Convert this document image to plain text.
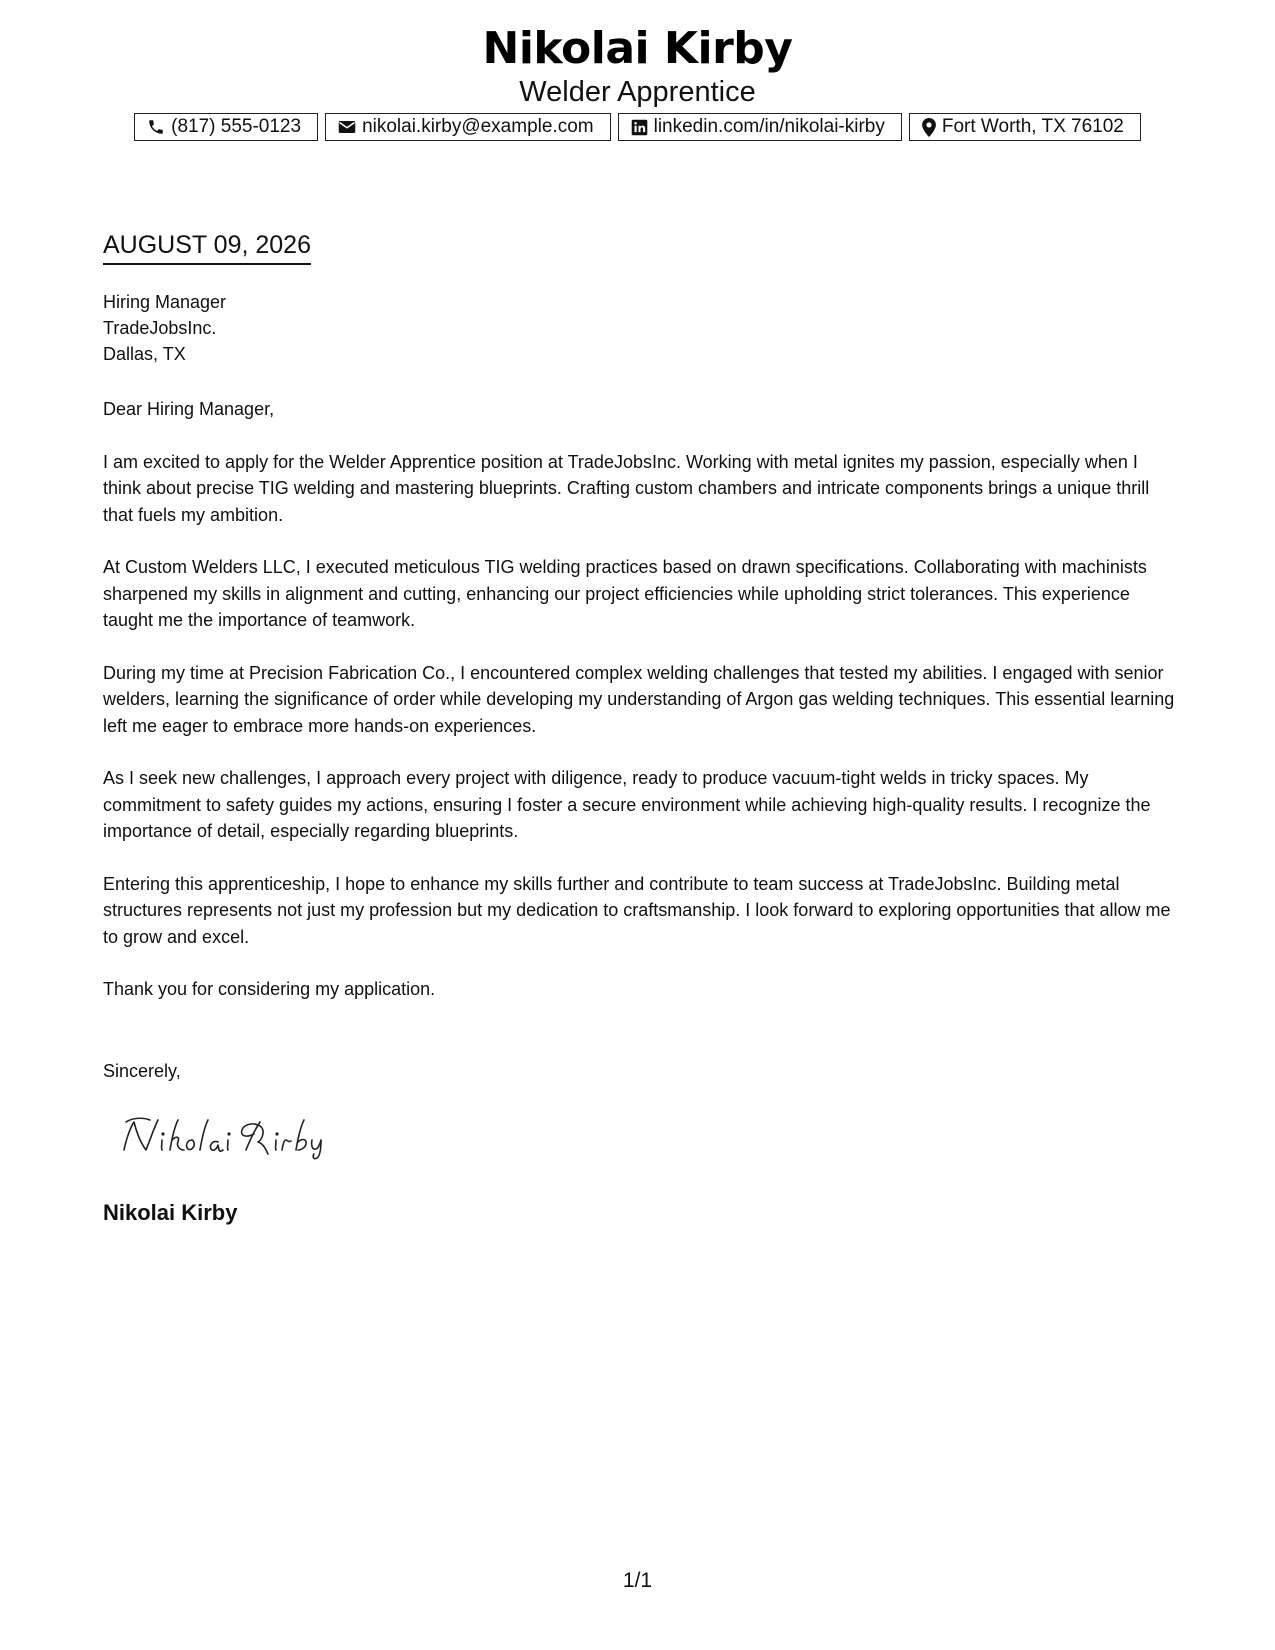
Nikolai Kirby
Welder Apprentice
(817) 555-0123	nikolai.kirby@example.com	linkedin.com/in/nikolai-kirby	Fort Worth, TX 76102
AUGUST 09, 2026
Hiring Manager
TradeJobsInc.
Dallas, TX

Dear Hiring Manager,

I am excited to apply for the Welder Apprentice position at TradeJobsInc. Working with metal ignites my passion, especially when I think about precise TIG welding and mastering blueprints. Crafting custom chambers and intricate components brings a unique thrill that fuels my ambition.

At Custom Welders LLC, I executed meticulous TIG welding practices based on drawn specifications. Collaborating with machinists sharpened my skills in alignment and cutting, enhancing our project efficiencies while upholding strict tolerances. This experience taught me the importance of teamwork.

During my time at Precision Fabrication Co., I encountered complex welding challenges that tested my abilities. I engaged with senior welders, learning the significance of order while developing my understanding of Argon gas welding techniques. This essential learning left me eager to embrace more hands-on experiences.

As I seek new challenges, I approach every project with diligence, ready to produce vacuum-tight welds in tricky spaces. My commitment to safety guides my actions, ensuring I foster a secure environment while achieving high-quality results. I recognize the importance of detail, especially regarding blueprints.

Entering this apprenticeship, I hope to enhance my skills further and contribute to team success at TradeJobsInc. Building metal structures represents not just my profession but my dedication to craftsmanship. I look forward to exploring opportunities that allow me to grow and excel.

Thank you for considering my application.

Sincerely,
Nikolai Kirby
1/1
